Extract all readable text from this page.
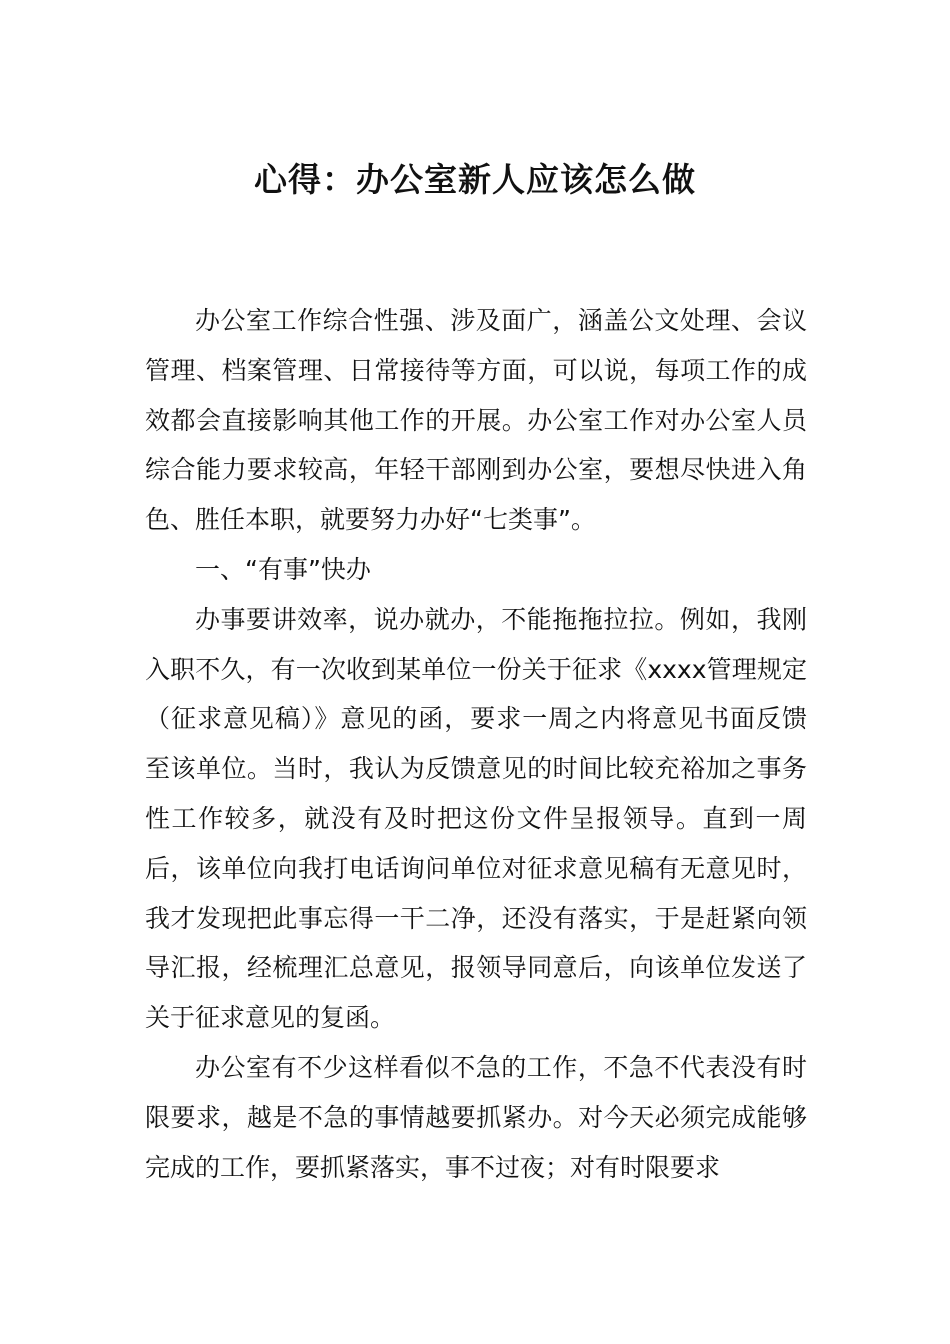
心得：办公室新人应该怎么做

办公室工作综合性强、涉及面广，涵盖公文处理、会议管理、档案管理、日常接待等方面，可以说，每项工作的成效都会直接影响其他工作的开展。办公室工作对办公室人员综合能力要求较高，年轻干部刚到办公室，要想尽快进入角色、胜任本职，就要努力办好“七类事”。

一、“有事”快办

办事要讲效率，说办就办，不能拖拖拉拉。例如，我刚入职不久，有一次收到某单位一份关于征求《xxxx管理规定（征求意见稿）》意见的函，要求一周之内将意见书面反馈至该单位。当时，我认为反馈意见的时间比较充裕加之事务性工作较多，就没有及时把这份文件呈报领导。直到一周后，该单位向我打电话询问单位对征求意见稿有无意见时，我才发现把此事忘得一干二净，还没有落实，于是赶紧向领导汇报，经梳理汇总意见，报领导同意后，向该单位发送了关于征求意见的复函。

办公室有不少这样看似不急的工作，不急不代表没有时限要求，越是不急的事情越要抓紧办。对今天必须完成能够完成的工作，要抓紧落实，事不过夜；对有时限要求
